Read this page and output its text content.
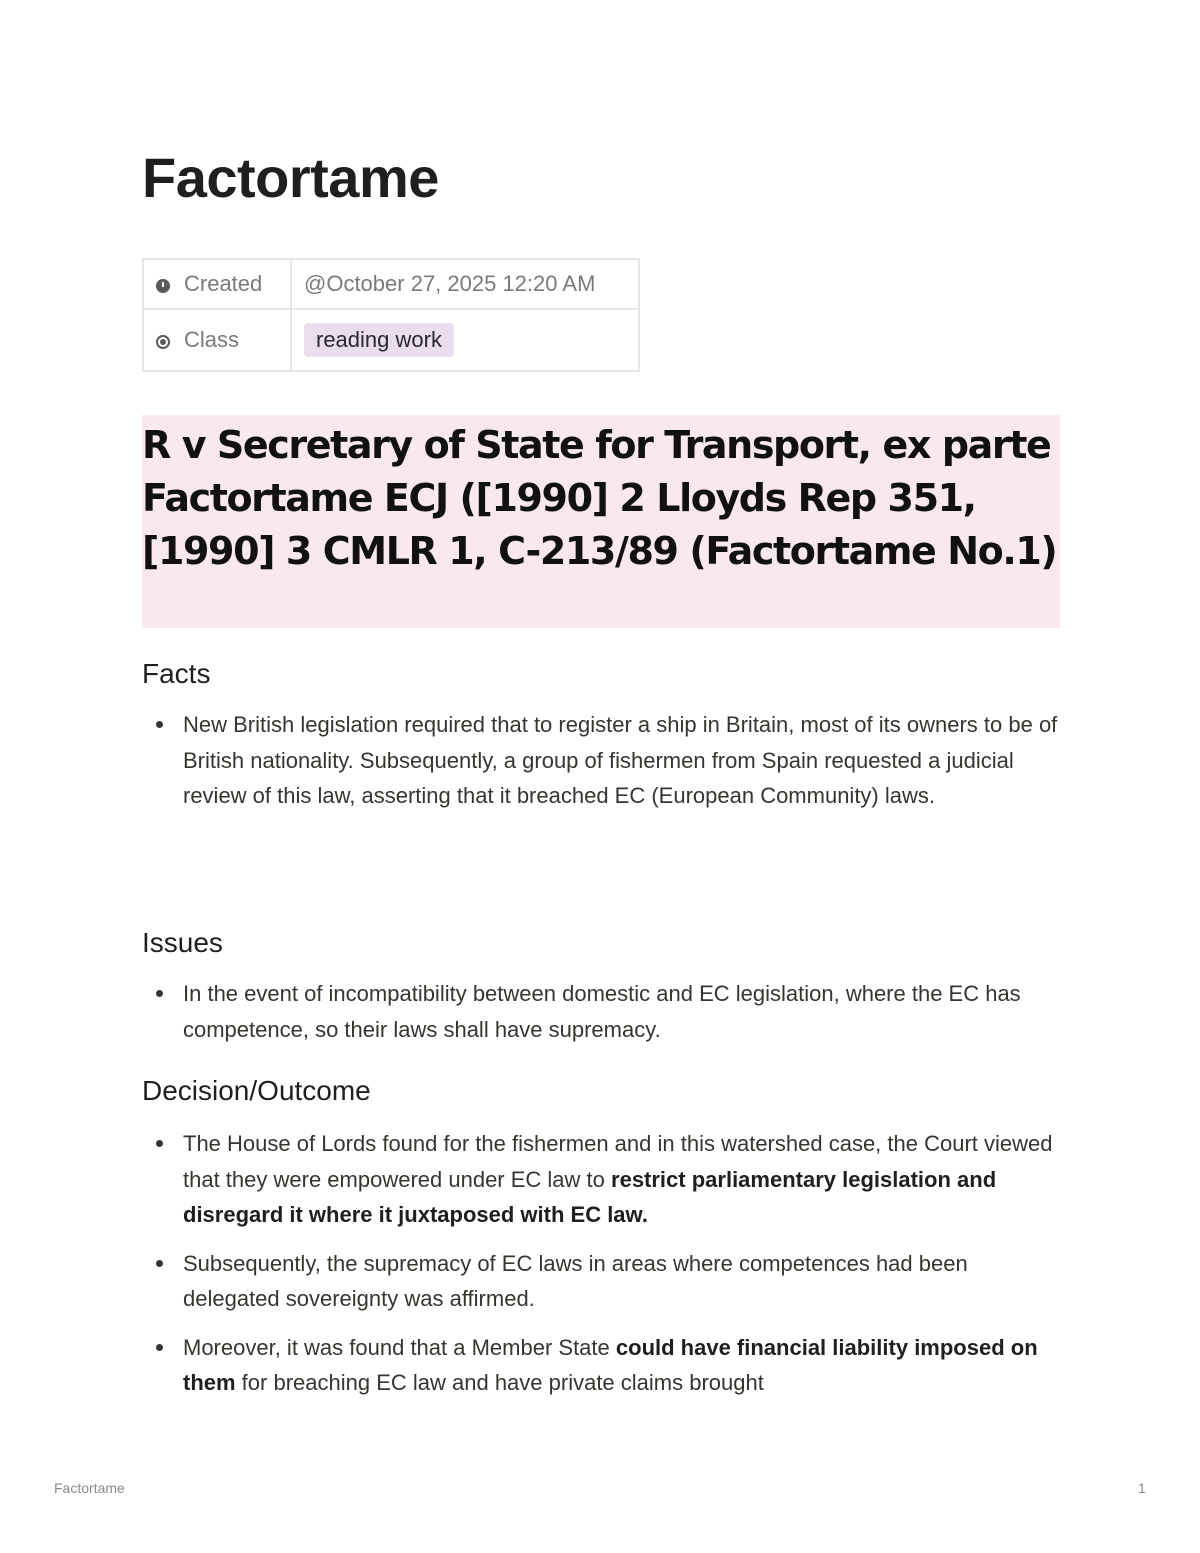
Factortame
Created	@October 27, 2025 12:20 AM
Class	reading work
R v Secretary of State for Transport, ex parte Factortame ECJ ([1990] 2 Lloyds Rep 351, [1990] 3 CMLR 1, C-213/89 (Factortame No.1)
Facts
New British legislation required that to register a ship in Britain, most of its owners to be of British nationality. Subsequently, a group of fishermen from Spain requested a judicial review of this law, asserting that it breached EC (European Community) laws.
Issues
In the event of incompatibility between domestic and EC legislation, where the EC has competence, so their laws shall have supremacy.
Decision/Outcome
The House of Lords found for the fishermen and in this watershed case, the Court viewed that they were empowered under EC law to restrict parliamentary legislation and disregard it where it juxtaposed with EC law.
Subsequently, the supremacy of EC laws in areas where competences had been delegated sovereignty was affirmed.
Moreover, it was found that a Member State could have financial liability imposed on them for breaching EC law and have private claims brought
Factortame	1
